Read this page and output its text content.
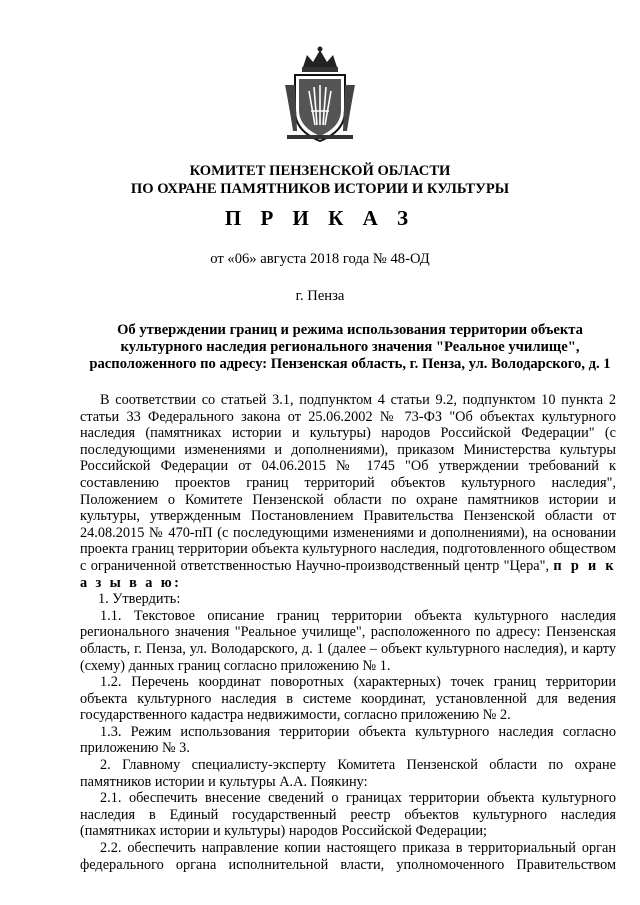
КОМИТЕТ ПЕНЗЕНСКОЙ ОБЛАСТИ
ПО ОХРАНЕ ПАМЯТНИКОВ ИСТОРИИ И КУЛЬТУРЫ
П Р И К А З
от «06» августа 2018 года № 48-ОД
г. Пенза
Об утверждении границ и режима использования территории объекта
культурного наследия регионального значения "Реальное училище",
расположенного по адресу: Пензенская область, г. Пенза, ул. Володарского, д. 1

В соответствии со статьей 3.1, подпунктом 4 статьи 9.2, подпунктом 10 пункта 2 статьи 33 Федерального закона от 25.06.2002 № 73-ФЗ "Об объектах культурного наследия (памятниках истории и культуры) народов Российской Федерации" (с последующими изменениями и дополнениями), приказом Министерства культуры Российской Федерации от 04.06.2015 № 1745 "Об утверждении требований к составлению проектов границ территорий объектов культурного наследия", Положением о Комитете Пензенской области по охране памятников истории и культуры, утвержденным Постановлением Правительства Пензенской области от 24.08.2015 № 470-пП (с последующими изменениями и дополнениями), на основании проекта границ территории объекта культурного наследия, подготовленного обществом с ограниченной ответственностью Научно-производственный центр "Цера", п р и к а з ы в а ю:

1. Утвердить:

1.1. Текстовое описание границ территории объекта культурного наследия регионального значения "Реальное училище", расположенного по адресу: Пензенская область, г. Пенза, ул. Володарского, д. 1 (далее – объект культурного наследия), и карту (схему) данных границ согласно приложению № 1.

1.2. Перечень координат поворотных (характерных) точек границ территории объекта культурного наследия в системе координат, установленной для ведения государственного кадастра недвижимости, согласно приложению № 2.

1.3. Режим использования территории объекта культурного наследия согласно приложению № 3.

2. Главному специалисту-эксперту Комитета Пензенской области по охране памятников истории и культуры А.А. Поякину:

2.1. обеспечить внесение сведений о границах территории объекта культурного наследия в Единый государственный реестр объектов культурного наследия (памятниках истории и культуры) народов Российской Федерации;

2.2. обеспечить направление копии настоящего приказа в территориальный орган федерального органа исполнительной власти, уполномоченного Правительством
